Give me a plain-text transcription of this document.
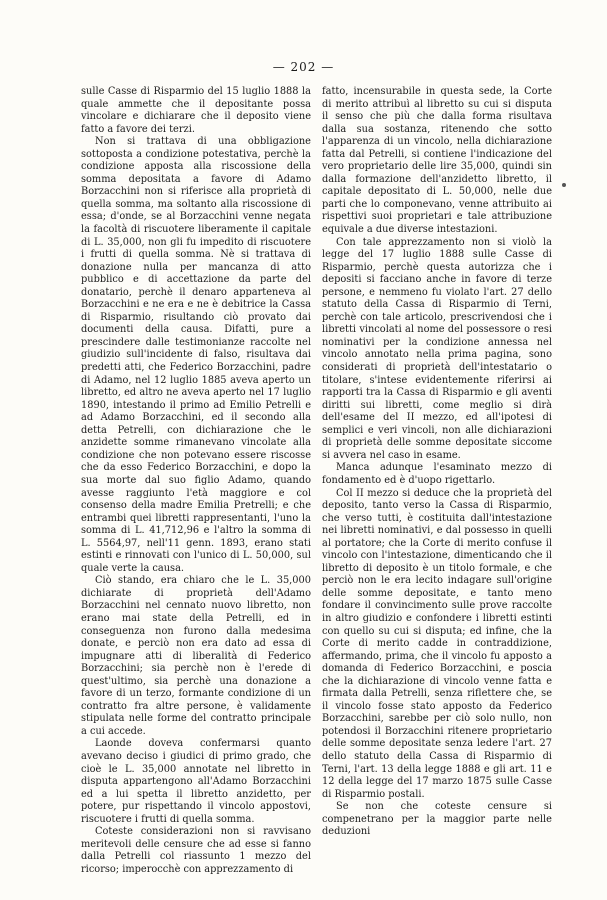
— 202 —

sulle Casse di Risparmio del 15 luglio 1888 la quale ammette che il depositante possa vincolare e dichiarare che il deposito viene fatto a favore dei terzi.

Non si trattava di una obbligazione sottoposta a condizione potestativa, perchè la condizione apposta alla riscossione della somma depositata a favore di Adamo Borzacchini non si riferisce alla proprietà di quella somma, ma soltanto alla riscossione di essa; d'onde, se al Borzacchini venne negata la facoltà di riscuotere liberamente il capitale di L. 35,000, non gli fu impedito di riscuotere i frutti di quella somma. Nè si trattava di donazione nulla per mancanza di atto pubblico e di accettazione da parte del donatario, perchè il denaro apparteneva al Borzacchini e ne era e ne è debitrice la Cassa di Risparmio, risultando ciò provato dai documenti della causa. Difatti, pure a prescindere dalle testimonianze raccolte nel giudizio sull'incidente di falso, risultava dai predetti atti, che Federico Borzacchini, padre di Adamo, nel 12 luglio 1885 aveva aperto un libretto, ed altro ne aveva aperto nel 17 luglio 1890, intestando il primo ad Emilio Petrelli e ad Adamo Borzacchini, ed il secondo alla detta Petrelli, con dichiarazione che le anzidette somme rimanevano vincolate alla condizione che non potevano essere riscosse che da esso Federico Borzacchini, e dopo la sua morte dal suo figlio Adamo, quando avesse raggiunto l'età maggiore e col consenso della madre Emilia Pretrelli; e che entrambi quei libretti rappresentanti, l'uno la somma di L. 41,712,96 e l'altro la somma di L. 5564,97, nell'11 genn. 1893, erano stati estinti e rinnovati con l'unico di L. 50,000, sul quale verte la causa.

Ciò stando, era chiaro che le L. 35,000 dichiarate di proprietà dell'Adamo Borzacchini nel cennato nuovo libretto, non erano mai state della Petrelli, ed in conseguenza non furono dalla medesima donate, e perciò non era dato ad essa di impugnare atti di liberalità di Federico Borzacchini; sia perchè non è l'erede di quest'ultimo, sia perchè una donazione a favore di un terzo, formante condizione di un contratto fra altre persone, è validamente stipulata nelle forme del contratto principale a cui accede.

Laonde doveva confermarsi quanto avevano deciso i giudici di primo grado, che cioè le L. 35,000 annotate nel libretto in disputa appartengono all'Adamo Borzacchini ed a lui spetta il libretto anzidetto, per potere, pur rispettando il vincolo appostovi, riscuotere i frutti di quella somma.

Coteste considerazioni non si ravvisano meritevoli delle censure che ad esse si fanno dalla Petrelli col riassunto 1 mezzo del ricorso; imperocchè con apprezzamento di

fatto, incensurabile in questa sede, la Corte di merito attribuì al libretto su cui si disputa il senso che più che dalla forma risultava dalla sua sostanza, ritenendo che sotto l'apparenza di un vincolo, nella dichiarazione fatta dal Petrelli, si contiene l'indicazione del vero proprietario delle lire 35,000, quindi sin dalla formazione dell'anzidetto libretto, il capitale depositato di L. 50,000, nelle due parti che lo componevano, venne attribuito ai rispettivi suoi proprietari e tale attribuzione equivale a due diverse intestazioni.

Con tale apprezzamento non si violò la legge del 17 luglio 1888 sulle Casse di Risparmio, perchè questa autorizza che i depositi si facciano anche in favore di terze persone, e nemmeno fu violato l'art. 27 dello statuto della Cassa di Risparmio di Terni, perchè con tale articolo, prescrivendosi che i libretti vincolati al nome del possessore o resi nominativi per la condizione annessa nel vincolo annotato nella prima pagina, sono considerati di proprietà dell'intestatario o titolare, s'intese evidentemente riferirsi ai rapporti tra la Cassa di Risparmio e gli aventi diritti sui libretti, come meglio si dirà dell'esame del II mezzo, ed all'ipotesi di semplici e veri vincoli, non alle dichiarazioni di proprietà delle somme depositate siccome si avvera nel caso in esame.

Manca adunque l'esaminato mezzo di fondamento ed è d'uopo rigettarlo.

Col II mezzo si deduce che la proprietà del deposito, tanto verso la Cassa di Risparmio, che verso tutti, è costituita dall'intestazione nei libretti nominativi, e dal possesso in quelli al portatore; che la Corte di merito confuse il vincolo con l'intestazione, dimenticando che il libretto di deposito è un titolo formale, e che perciò non le era lecito indagare sull'origine delle somme depositate, e tanto meno fondare il convincimento sulle prove raccolte in altro giudizio e confondere i libretti estinti con quello su cui si disputa; ed infine, che la Corte di merito cadde in contraddizione, affermando, prima, che il vincolo fu apposto a domanda di Federico Borzacchini, e poscia che la dichiarazione di vincolo venne fatta e firmata dalla Petrelli, senza riflettere che, se il vincolo fosse stato apposto da Federico Borzacchini, sarebbe per ciò solo nullo, non potendosi il Borzacchini ritenere proprietario delle somme depositate senza ledere l'art. 27 dello statuto della Cassa di Risparmio di Terni, l'art. 13 della legge 1888 e gli art. 11 e 12 della legge del 17 marzo 1875 sulle Casse di Risparmio postali.

Se non che coteste censure si compenetrano per la maggior parte nelle deduzioni
